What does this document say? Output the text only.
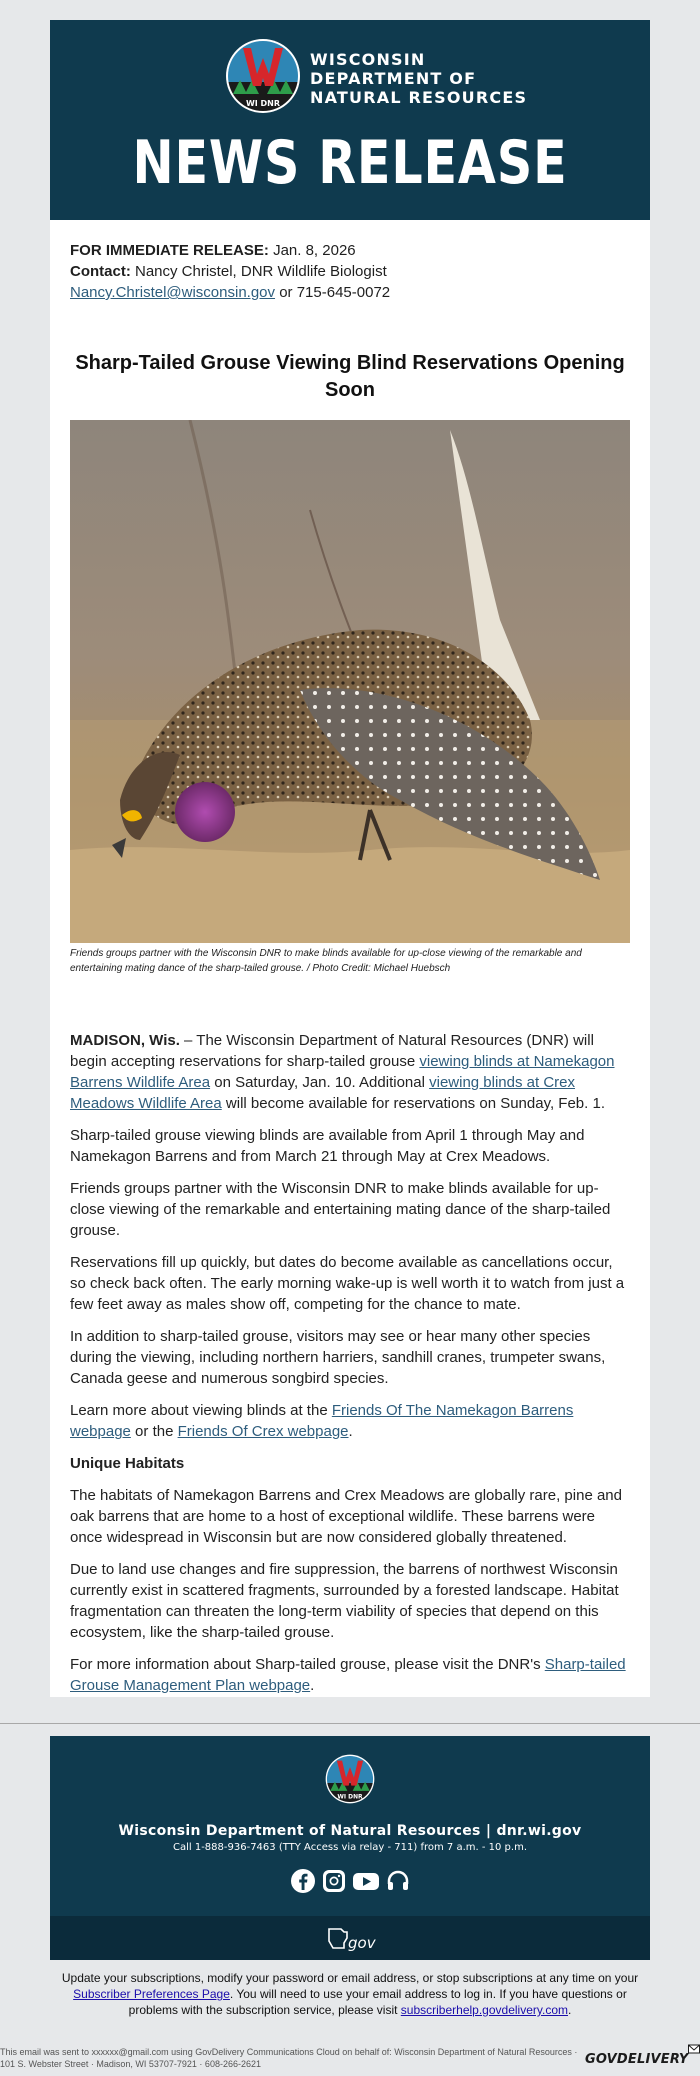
WI DNR
WISCONSIN
DEPARTMENT OF
NATURAL RESOURCES
NEWS RELEASE
FOR IMMEDIATE RELEASE: Jan. 8, 2026
Contact: Nancy Christel, DNR Wildlife Biologist
Nancy.Christel@wisconsin.gov or 715-645-0072
Sharp-Tailed Grouse Viewing Blind Reservations Opening Soon
Friends groups partner with the Wisconsin DNR to make blinds available for up-close viewing of the remarkable and entertaining mating dance of the sharp-tailed grouse. / Photo Credit: Michael Huebsch

MADISON, Wis. – The Wisconsin Department of Natural Resources (DNR) will begin accepting reservations for sharp-tailed grouse viewing blinds at Namekagon Barrens Wildlife Area on Saturday, Jan. 10. Additional viewing blinds at Crex Meadows Wildlife Area will become available for reservations on Sunday, Feb. 1.

Sharp-tailed grouse viewing blinds are available from April 1 through May and Namekagon Barrens and from March 21 through May at Crex Meadows.

Friends groups partner with the Wisconsin DNR to make blinds available for up-close viewing of the remarkable and entertaining mating dance of the sharp-tailed grouse.

Reservations fill up quickly, but dates do become available as cancellations occur, so check back often. The early morning wake-up is well worth it to watch from just a few feet away as males show off, competing for the chance to mate.

In addition to sharp-tailed grouse, visitors may see or hear many other species during the viewing, including northern harriers, sandhill cranes, trumpeter swans, Canada geese and numerous songbird species.

Learn more about viewing blinds at the Friends Of The Namekagon Barrens webpage or the Friends Of Crex webpage.

Unique Habitats

The habitats of Namekagon Barrens and Crex Meadows are globally rare, pine and oak barrens that are home to a host of exceptional wildlife. These barrens were once widespread in Wisconsin but are now considered globally threatened.

Due to land use changes and fire suppression, the barrens of northwest Wisconsin currently exist in scattered fragments, surrounded by a forested landscape. Habitat fragmentation can threaten the long-term viability of species that depend on this ecosystem, like the sharp-tailed grouse.

For more information about Sharp-tailed grouse, please visit the DNR's Sharp-tailed Grouse Management Plan webpage.

WI DNR
Wisconsin Department of Natural Resources | dnr.wi.gov
Call 1-888-936-7463 (TTY Access via relay - 711) from 7 a.m. - 10 p.m.
gov
Update your subscriptions, modify your password or email address, or stop subscriptions at any time on your Subscriber Preferences Page. You will need to use your email address to log in. If you have questions or problems with the subscription service, please visit subscriberhelp.govdelivery.com.
This email was sent to xxxxxx@gmail.com using GovDelivery Communications Cloud on behalf of: Wisconsin Department of Natural Resources · 101 S. Webster Street · Madison, WI 53707-7921 · 608-266-2621	GOVDELIVERY
